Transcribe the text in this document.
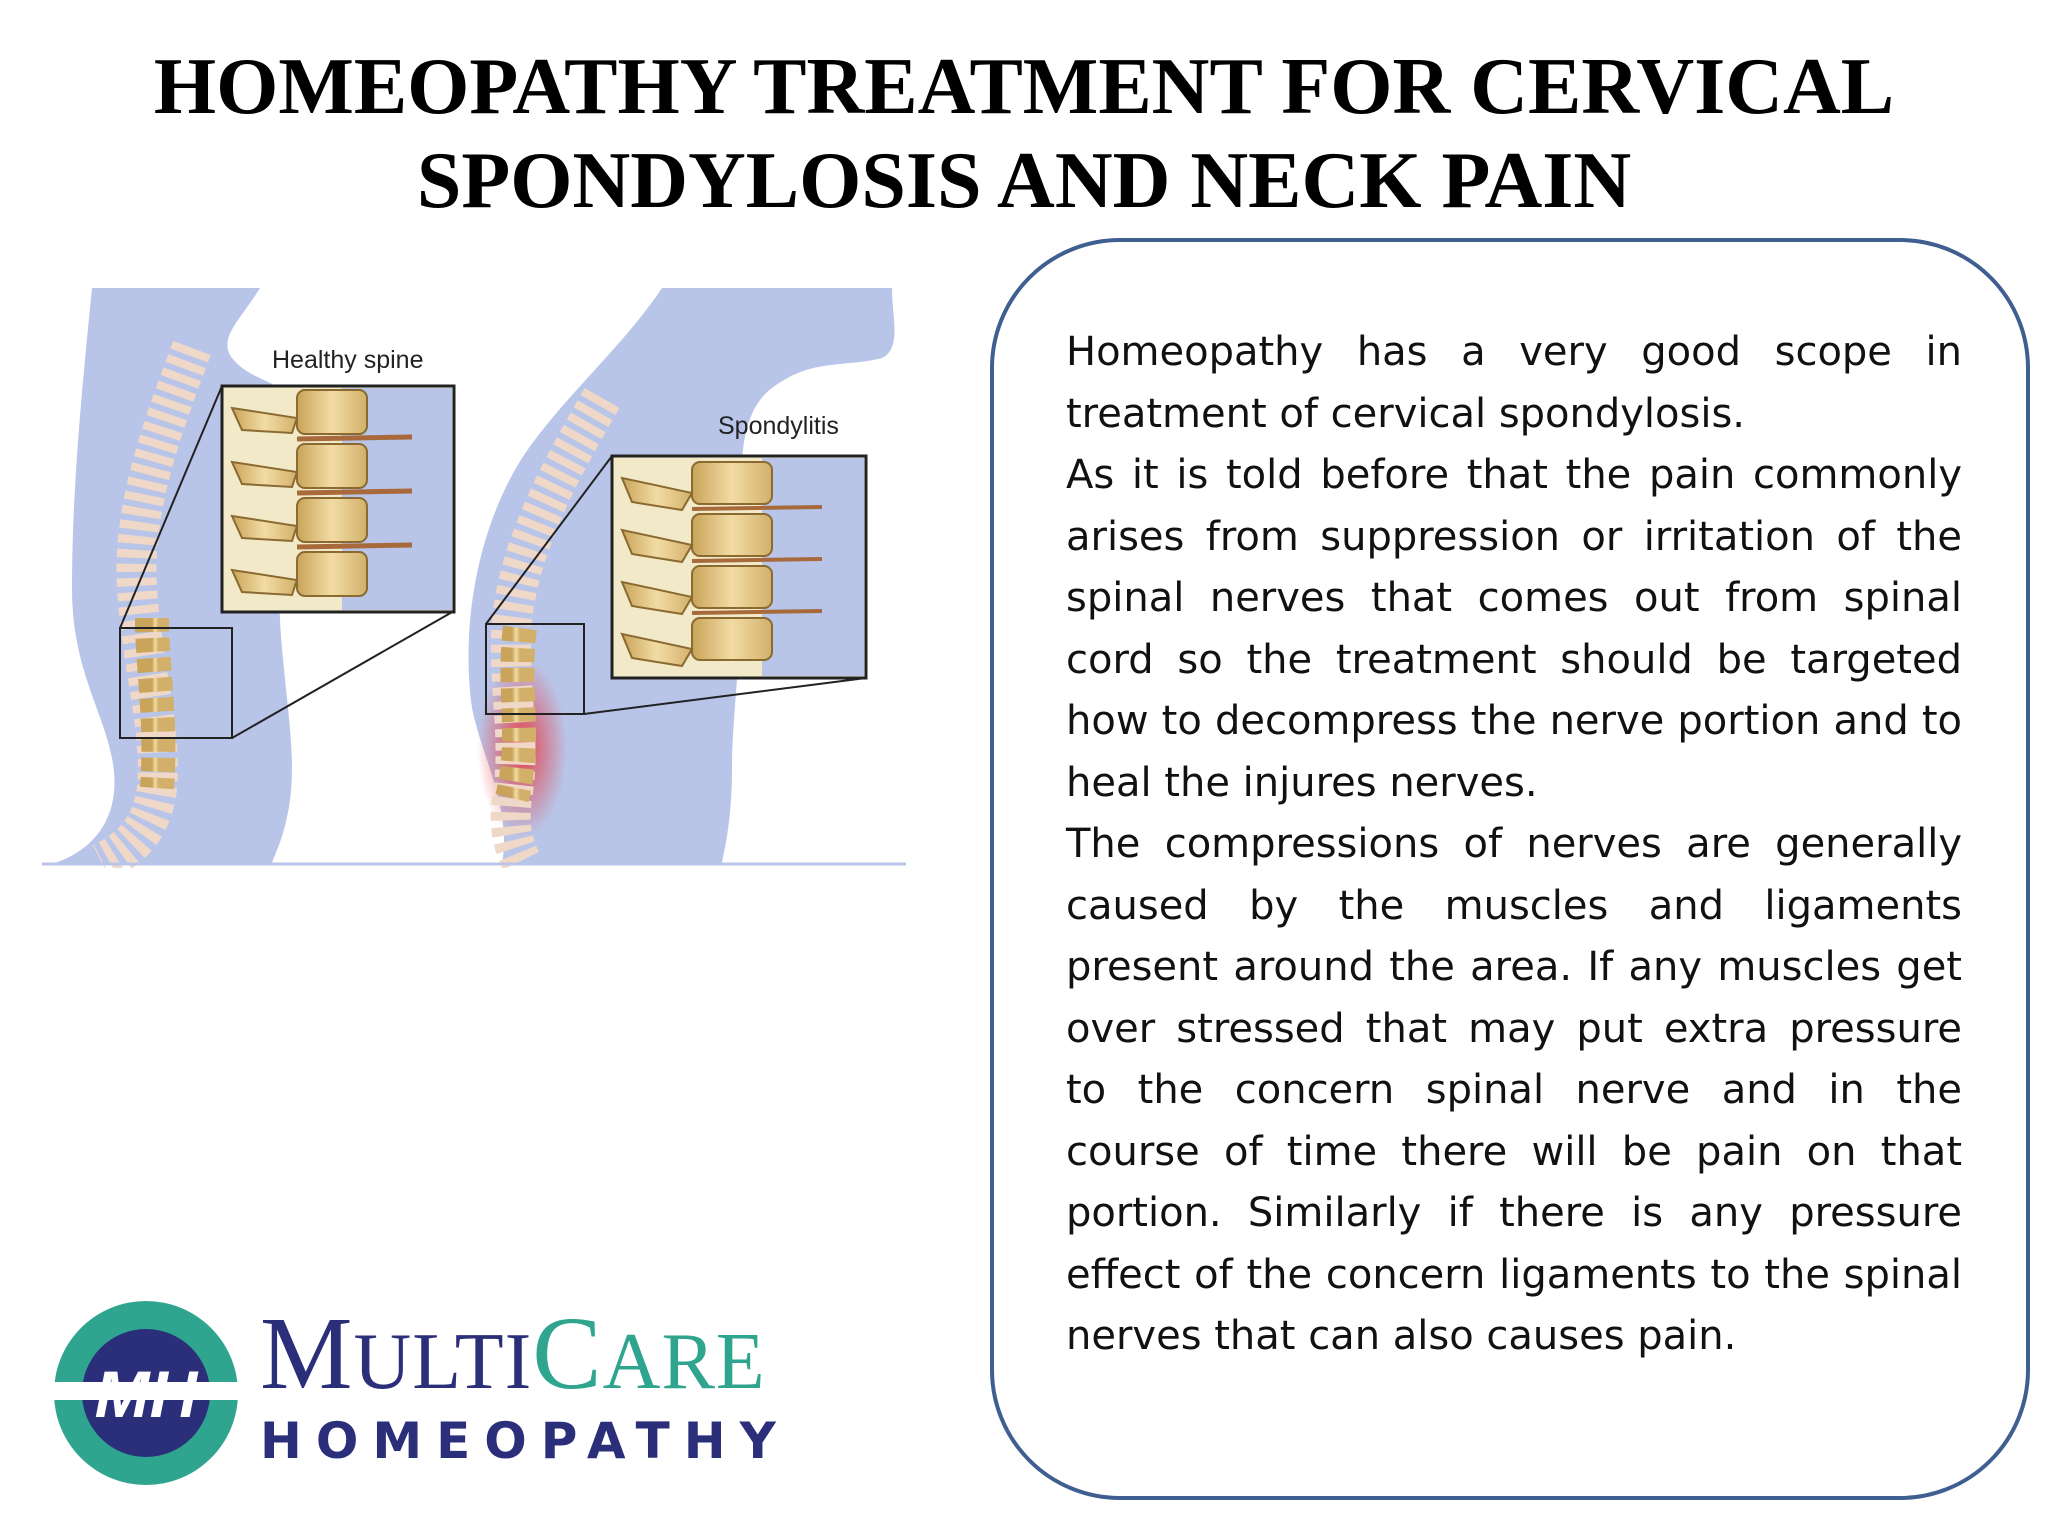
HOMEOPATHY TREATMENT FOR CERVICAL
SPONDYLOSIS AND NECK PAIN
Healthy spine
Spondylitis

Homeopathy has a very good scope in treatment of cervical spondylosis.

As it is told before that the pain commonly arises from suppression or irritation of the spinal nerves that comes out from spinal cord so the treatment should be targeted how to decompress the nerve portion and to heal the injures nerves.

The compressions of nerves are generally caused by the muscles and ligaments present around the area. If any muscles get over stressed that may put extra pressure to the concern spinal nerve and in the course of time there will be pain on that portion. Similarly if there is any pressure effect of the concern ligaments to the spinal nerves that can also causes pain.

MH MULTICARE
HOMEOPATHY
